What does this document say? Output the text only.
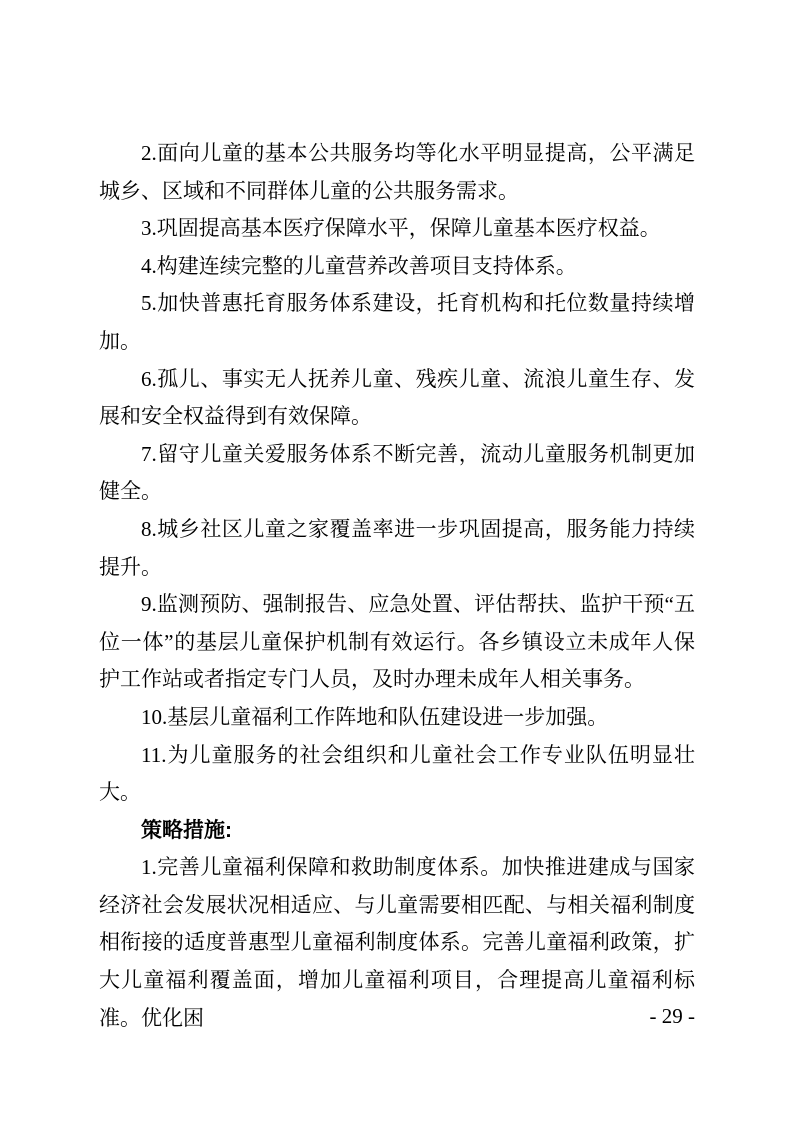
2.面向儿童的基本公共服务均等化水平明显提高，公平满足城乡、区域和不同群体儿童的公共服务需求。

3.巩固提高基本医疗保障水平，保障儿童基本医疗权益。

4.构建连续完整的儿童营养改善项目支持体系。

5.加快普惠托育服务体系建设，托育机构和托位数量持续增加。

6.孤儿、事实无人抚养儿童、残疾儿童、流浪儿童生存、发展和安全权益得到有效保障。

7.留守儿童关爱服务体系不断完善，流动儿童服务机制更加健全。

8.城乡社区儿童之家覆盖率进一步巩固提高，服务能力持续提升。

9.监测预防、强制报告、应急处置、评估帮扶、监护干预“五位一体”的基层儿童保护机制有效运行。各乡镇设立未成年人保护工作站或者指定专门人员，及时办理未成年人相关事务。

10.基层儿童福利工作阵地和队伍建设进一步加强。

11.为儿童服务的社会组织和儿童社会工作专业队伍明显壮大。

策略措施:

1.完善儿童福利保障和救助制度体系。加快推进建成与国家经济社会发展状况相适应、与儿童需要相匹配、与相关福利制度相衔接的适度普惠型儿童福利制度体系。完善儿童福利政策，扩大儿童福利覆盖面，增加儿童福利项目，合理提高儿童福利标准。优化困	- 29 -
